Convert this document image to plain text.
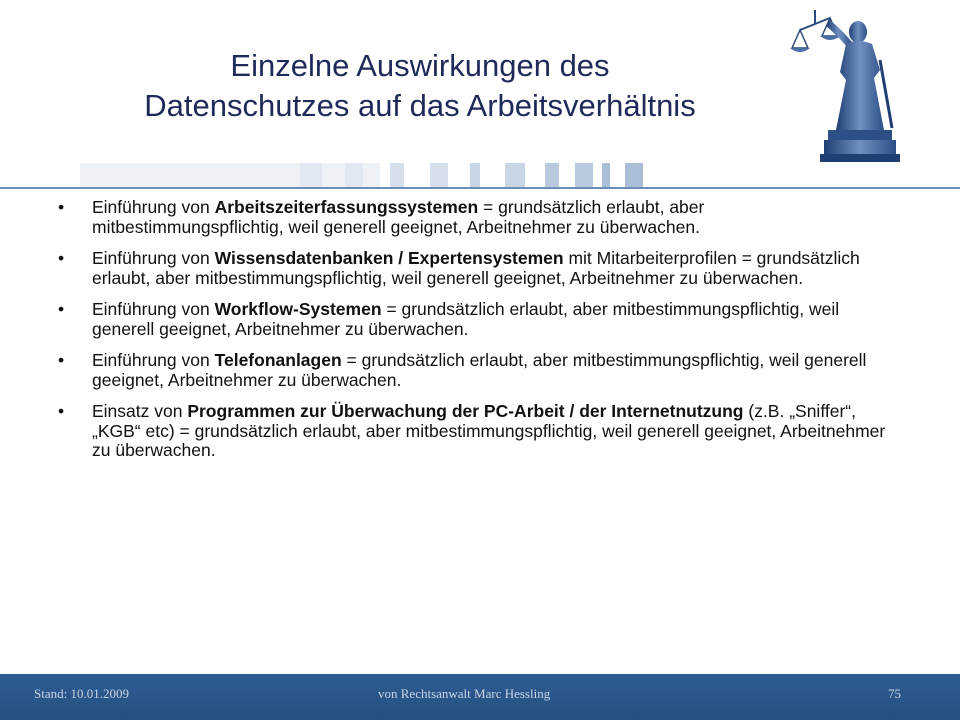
Einzelne Auswirkungen des
Datenschutzes auf das Arbeitsverhältnis
• Einführung von Arbeitszeiterfassungssystemen = grundsätzlich erlaubt, aber mitbestimmungspflichtig, weil generell geeignet, Arbeitnehmer zu überwachen.
• Einführung von Wissensdatenbanken / Expertensystemen mit Mitarbeiterprofilen = grundsätzlich erlaubt, aber mitbestimmungspflichtig, weil generell geeignet, Arbeitnehmer zu überwachen.
• Einführung von Workflow-Systemen = grundsätzlich erlaubt, aber mitbestimmungspflichtig, weil generell geeignet, Arbeitnehmer zu überwachen.
• Einführung von Telefonanlagen = grundsätzlich erlaubt, aber mitbestimmungspflichtig, weil generell geeignet, Arbeitnehmer zu überwachen.
• Einsatz von Programmen zur Überwachung der PC-Arbeit / der Internetnutzung (z.B. „Sniffer“, „KGB“ etc) = grundsätzlich erlaubt, aber mitbestimmungspflichtig, weil generell geeignet, Arbeitnehmer zu überwachen.
Stand: 10.01.2009	von Rechtsanwalt Marc Hessling	75
